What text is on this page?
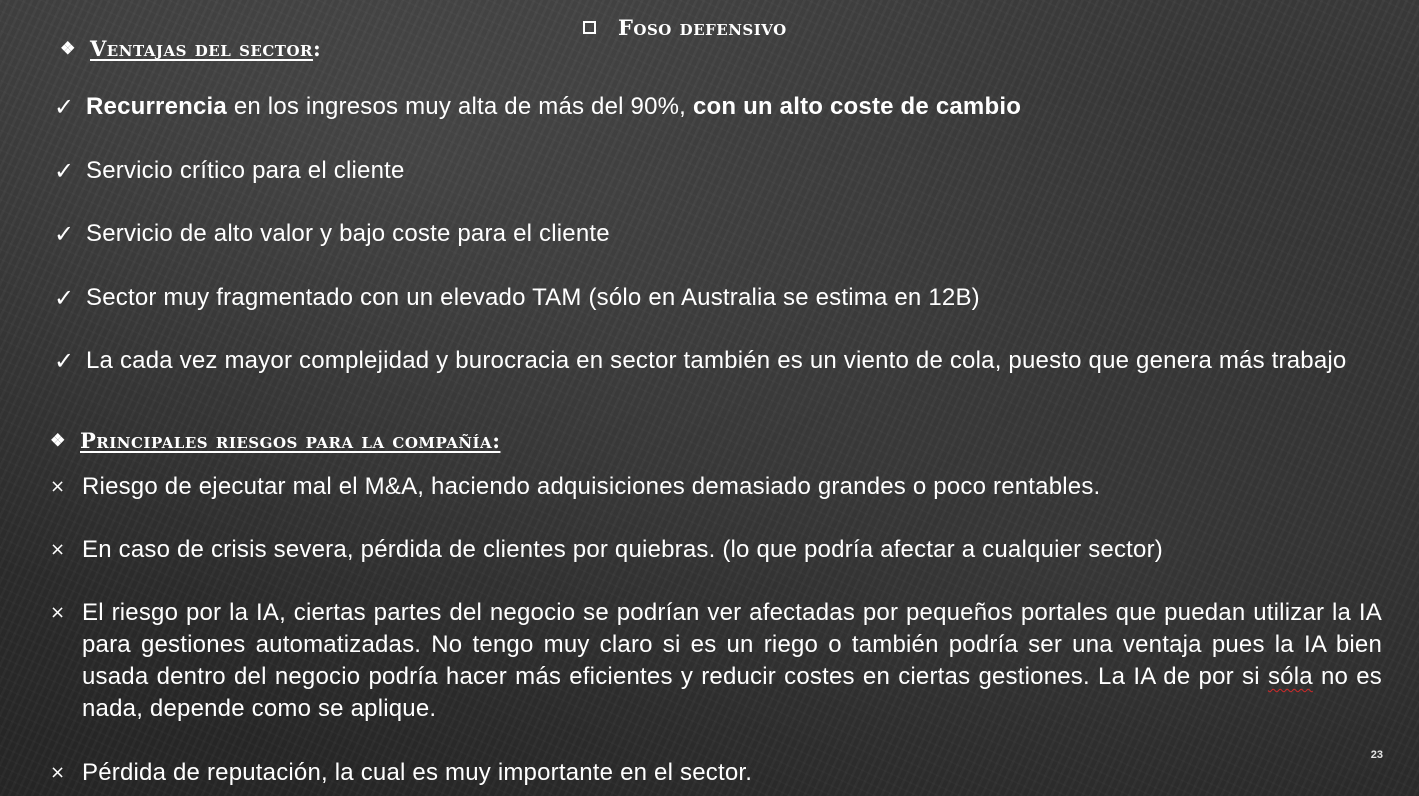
Foso defensivo
❖ Ventajas del sector:
✓ Recurrencia en los ingresos muy alta de más del 90%, con un alto coste de cambio
✓ Servicio crítico para el cliente
✓ Servicio de alto valor y bajo coste para el cliente
✓ Sector muy fragmentado con un elevado TAM (sólo en Australia se estima en 12B)
✓ La cada vez mayor complejidad y burocracia en sector también es un viento de cola, puesto que genera más trabajo
❖ Principales riesgos para la compañía:
× Riesgo de ejecutar mal el M&A, haciendo adquisiciones demasiado grandes o poco rentables.
× En caso de crisis severa, pérdida de clientes por quiebras. (lo que podría afectar a cualquier sector)
× El riesgo por la IA, ciertas partes del negocio se podrían ver afectadas por pequeños portales que puedan utilizar la IA para gestiones automatizadas. No tengo muy claro si es un riego o también podría ser una ventaja pues la IA bien usada dentro del negocio podría hacer más eficientes y reducir costes en ciertas gestiones. La IA de por si sóla no es nada, depende como se aplique.
× Pérdida de reputación, la cual es muy importante en el sector.
23
